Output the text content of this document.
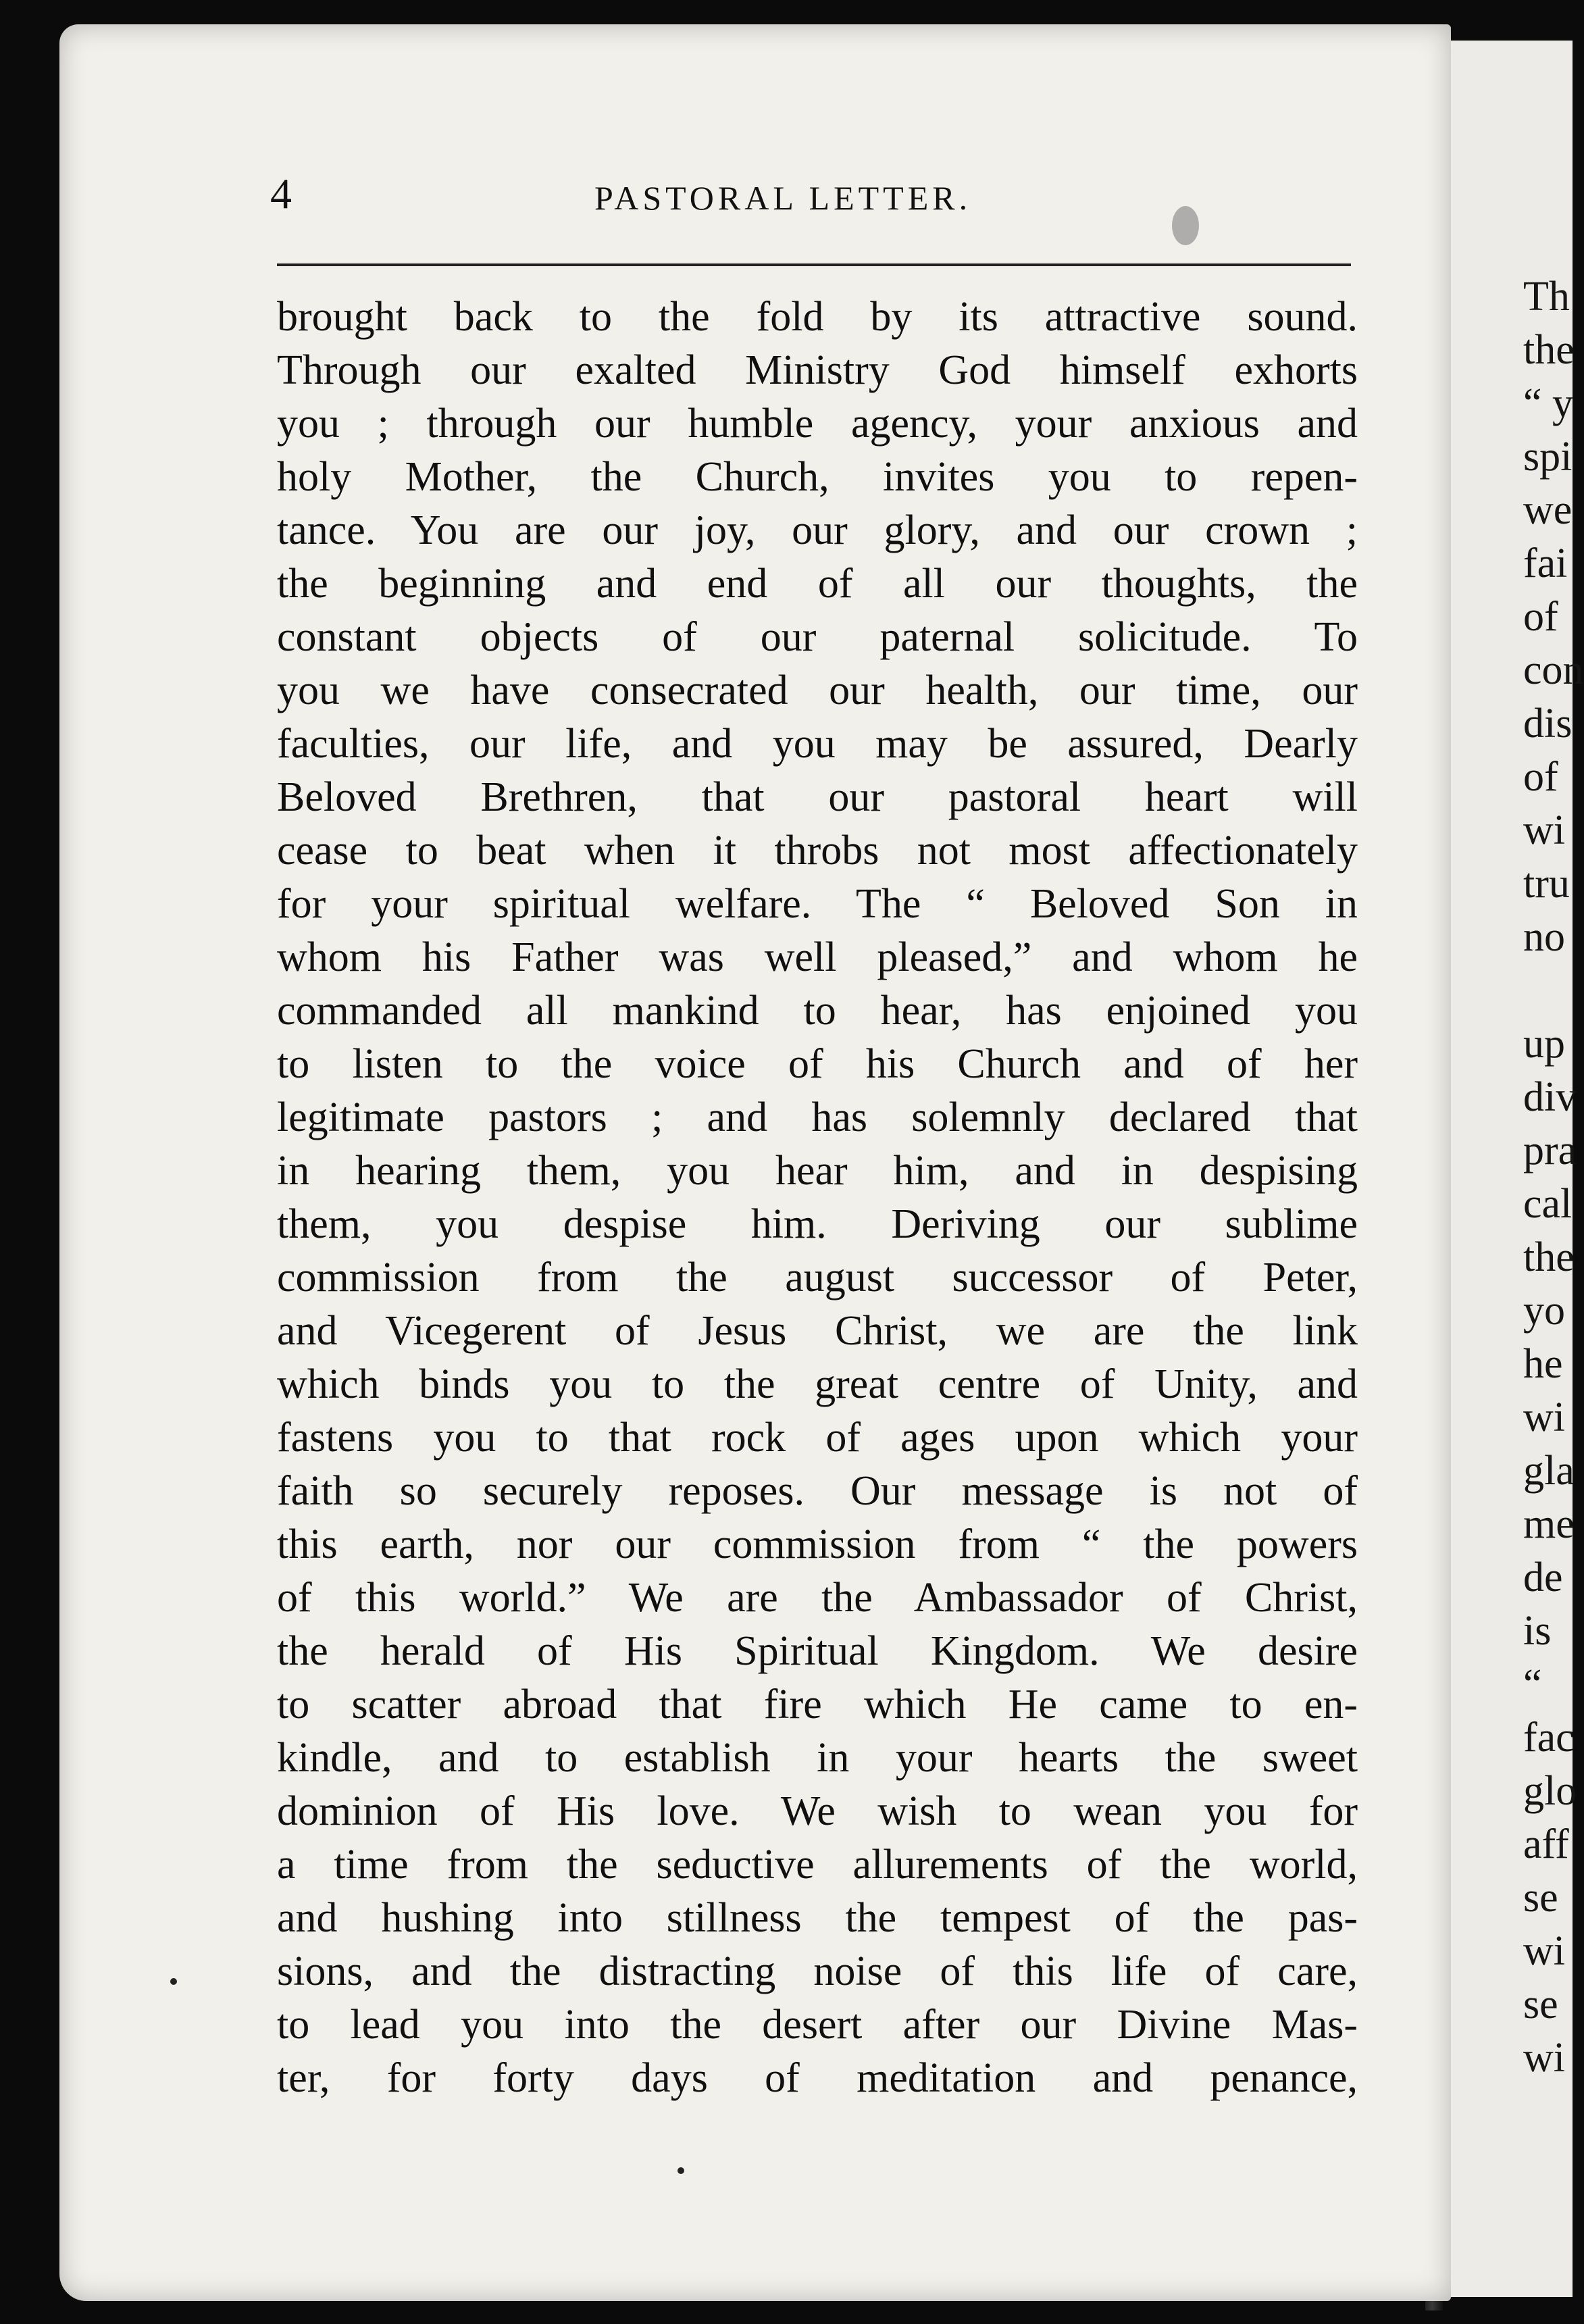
Th
the
“ y
spi
we
fai
of
con
dis
of
wi
tru
no
up
div
pra
cal
the
yo
he
wi
gla
me
de
is
“
fac
glo
aff
se
wi
se
wi
4	PASTORAL LETTER.
brought back to the fold by its attractive sound.
Through our exalted Ministry God himself exhorts
you ; through our humble agency, your anxious and
holy Mother, the Church, invites you to repen-
tance. You are our joy, our glory, and our crown ;
the beginning and end of all our thoughts, the
constant objects of our paternal solicitude. To
you we have consecrated our health, our time, our
faculties, our life, and you may be assured, Dearly
Beloved Brethren, that our pastoral heart will
cease to beat when it throbs not most affectionately
for your spiritual welfare. The “ Beloved Son in
whom his Father was well pleased,” and whom he
commanded all mankind to hear, has enjoined you
to listen to the voice of his Church and of her
legitimate pastors ; and has solemnly declared that
in hearing them, you hear him, and in despising
them, you despise him. Deriving our sublime
commission from the august successor of Peter,
and Vicegerent of Jesus Christ, we are the link
which binds you to the great centre of Unity, and
fastens you to that rock of ages upon which your
faith so securely reposes. Our message is not of
this earth, nor our commission from “ the powers
of this world.” We are the Ambassador of Christ,
the herald of His Spiritual Kingdom. We desire
to scatter abroad that fire which He came to en-
kindle, and to establish in your hearts the sweet
dominion of His love. We wish to wean you for
a time from the seductive allurements of the world,
and hushing into stillness the tempest of the pas-
sions, and the distracting noise of this life of care,
to lead you into the desert after our Divine Mas-
ter, for forty days of meditation and penance,
